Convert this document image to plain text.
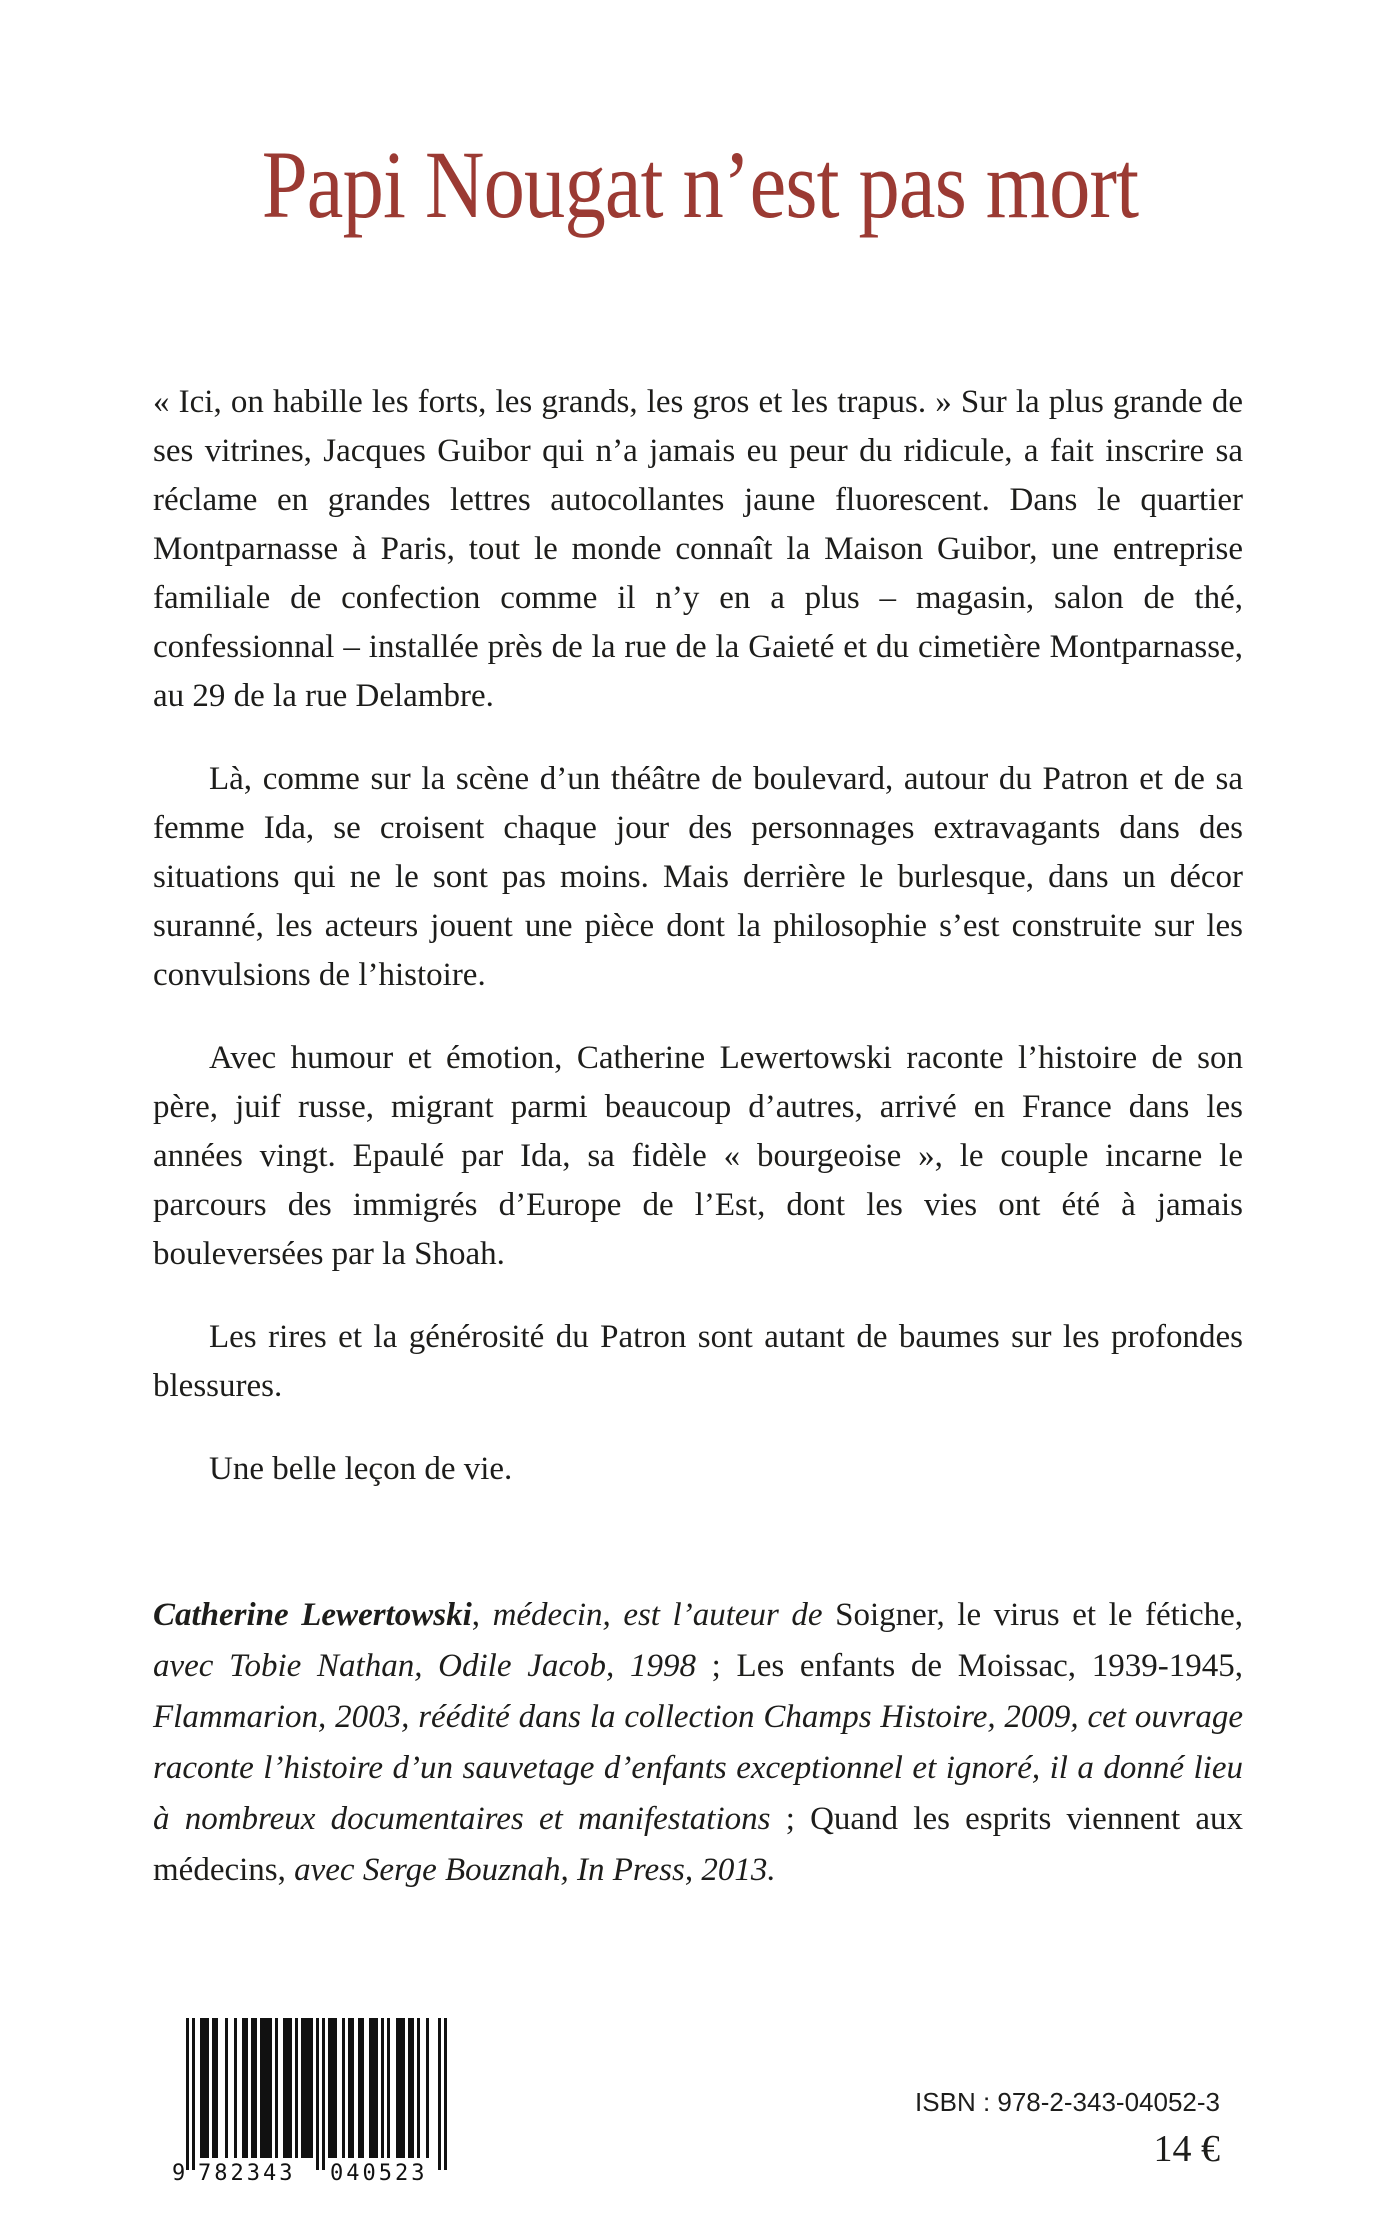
Papi Nougat n’est pas mort

« Ici, on habille les forts, les grands, les gros et les trapus. » Sur la plus grande de ses vitrines, Jacques Guibor qui n’a jamais eu peur du ridicule, a fait inscrire sa réclame en grandes lettres autocollantes jaune fluorescent. Dans le quartier Montparnasse à Paris, tout le monde connaît la Maison Guibor, une entreprise familiale de confection comme il n’y en a plus – magasin, salon de thé, confessionnal – installée près de la rue de la Gaieté et du cimetière Montparnasse, au 29 de la rue Delambre.

Là, comme sur la scène d’un théâtre de boulevard, autour du Patron et de sa femme Ida, se croisent chaque jour des personnages extravagants dans des situations qui ne le sont pas moins. Mais derrière le burlesque, dans un décor suranné, les acteurs jouent une pièce dont la philosophie s’est construite sur les convulsions de l’histoire.

Avec humour et émotion, Catherine Lewertowski raconte l’histoire de son père, juif russe, migrant parmi beaucoup d’autres, arrivé en France dans les années vingt. Epaulé par Ida, sa fidèle « bourgeoise », le couple incarne le parcours des immigrés d’Europe de l’Est, dont les vies ont été à jamais bouleversées par la Shoah.

Les rires et la générosité du Patron sont autant de baumes sur les profondes blessures.

Une belle leçon de vie.

Catherine Lewertowski, médecin, est l’auteur de Soigner, le virus et le fétiche, avec Tobie Nathan, Odile Jacob, 1998 ; Les enfants de Moissac, 1939-1945, Flammarion, 2003, réédité dans la collection Champs Histoire, 2009, cet ouvrage raconte l’histoire d’un sauvetage d’enfants exceptionnel et ignoré, il a donné lieu à nombreux documentaires et manifestations ; Quand les esprits viennent aux médecins, avec Serge Bouznah, In Press, 2013.

9 782343 040523
ISBN : 978-2-343-04052-3
14 €
